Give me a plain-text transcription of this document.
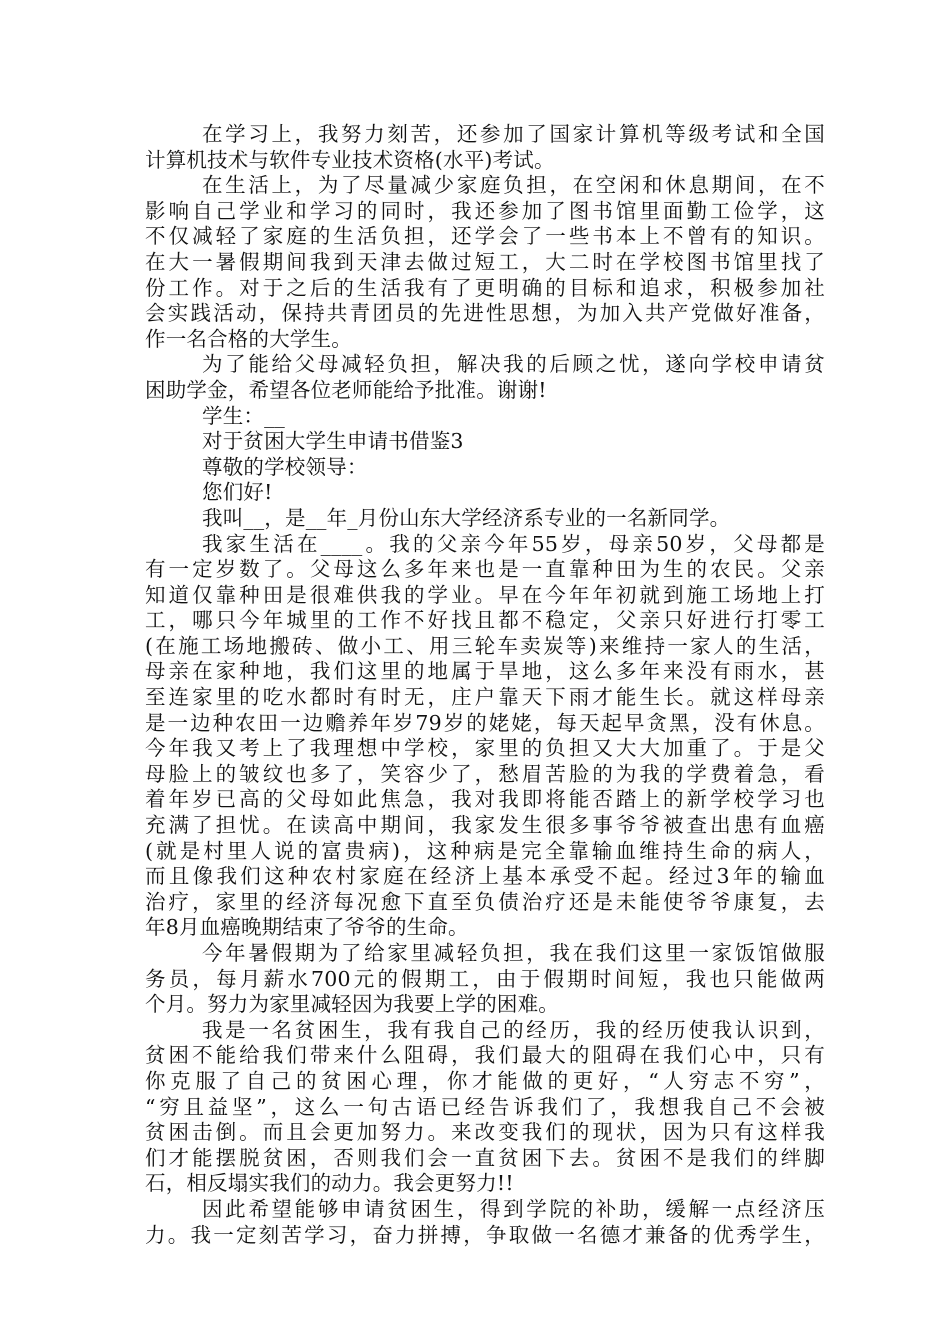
在学习上，我努力刻苦，还参加了国家计算机等级考试和全国
计算机技术与软件专业技术资格(水平)考试。
在生活上，为了尽量减少家庭负担，在空闲和休息期间，在不
影响自己学业和学习的同时，我还参加了图书馆里面勤工俭学，这
不仅减轻了家庭的生活负担，还学会了一些书本上不曾有的知识。
在大一暑假期间我到天津去做过短工，大二时在学校图书馆里找了
份工作。对于之后的生活我有了更明确的目标和追求，积极参加社
会实践活动，保持共青团员的先进性思想，为加入共产党做好准备，
作一名合格的大学生。
为了能给父母减轻负担，解决我的后顾之忧，遂向学校申请贫
困助学金，希望各位老师能给予批准。谢谢!
学生：__
对于贫困大学生申请书借鉴3
尊敬的学校领导：
您们好!
我叫__，是__年_月份山东大学经济系专业的一名新同学。
我家生活在____。我的父亲今年55岁，母亲50岁，父母都是
有一定岁数了。父母这么多年来也是一直靠种田为生的农民。父亲
知道仅靠种田是很难供我的学业。早在今年年初就到施工场地上打
工，哪只今年城里的工作不好找且都不稳定，父亲只好进行打零工
(在施工场地搬砖、做小工、用三轮车卖炭等)来维持一家人的生活，
母亲在家种地，我们这里的地属于旱地，这么多年来没有雨水，甚
至连家里的吃水都时有时无，庄户靠天下雨才能生长。就这样母亲
是一边种农田一边赡养年岁79岁的姥姥，每天起早贪黑，没有休息。
今年我又考上了我理想中学校，家里的负担又大大加重了。于是父
母脸上的皱纹也多了，笑容少了，愁眉苦脸的为我的学费着急，看
着年岁已高的父母如此焦急，我对我即将能否踏上的新学校学习也
充满了担忧。在读高中期间，我家发生很多事爷爷被查出患有血癌
(就是村里人说的富贵病)，这种病是完全靠输血维持生命的病人，
而且像我们这种农村家庭在经济上基本承受不起。经过3年的输血
治疗，家里的经济每况愈下直至负债治疗还是未能使爷爷康复，去
年8月血癌晚期结束了爷爷的生命。
今年暑假期为了给家里减轻负担，我在我们这里一家饭馆做服
务员，每月薪水700元的假期工，由于假期时间短，我也只能做两
个月。努力为家里减轻因为我要上学的困难。
我是一名贫困生，我有我自己的经历，我的经历使我认识到，
贫困不能给我们带来什么阻碍，我们最大的阻碍在我们心中，只有
你克服了自己的贫困心理，你才能做的更好，“人穷志不穷”，
“穷且益坚”，这么一句古语已经告诉我们了，我想我自己不会被
贫困击倒。而且会更加努力。来改变我们的现状，因为只有这样我
们才能摆脱贫困，否则我们会一直贫困下去。贫困不是我们的绊脚
石，相反塌实我们的动力。我会更努力!!
因此希望能够申请贫困生，得到学院的补助，缓解一点经济压
力。我一定刻苦学习，奋力拼搏，争取做一名德才兼备的优秀学生，
